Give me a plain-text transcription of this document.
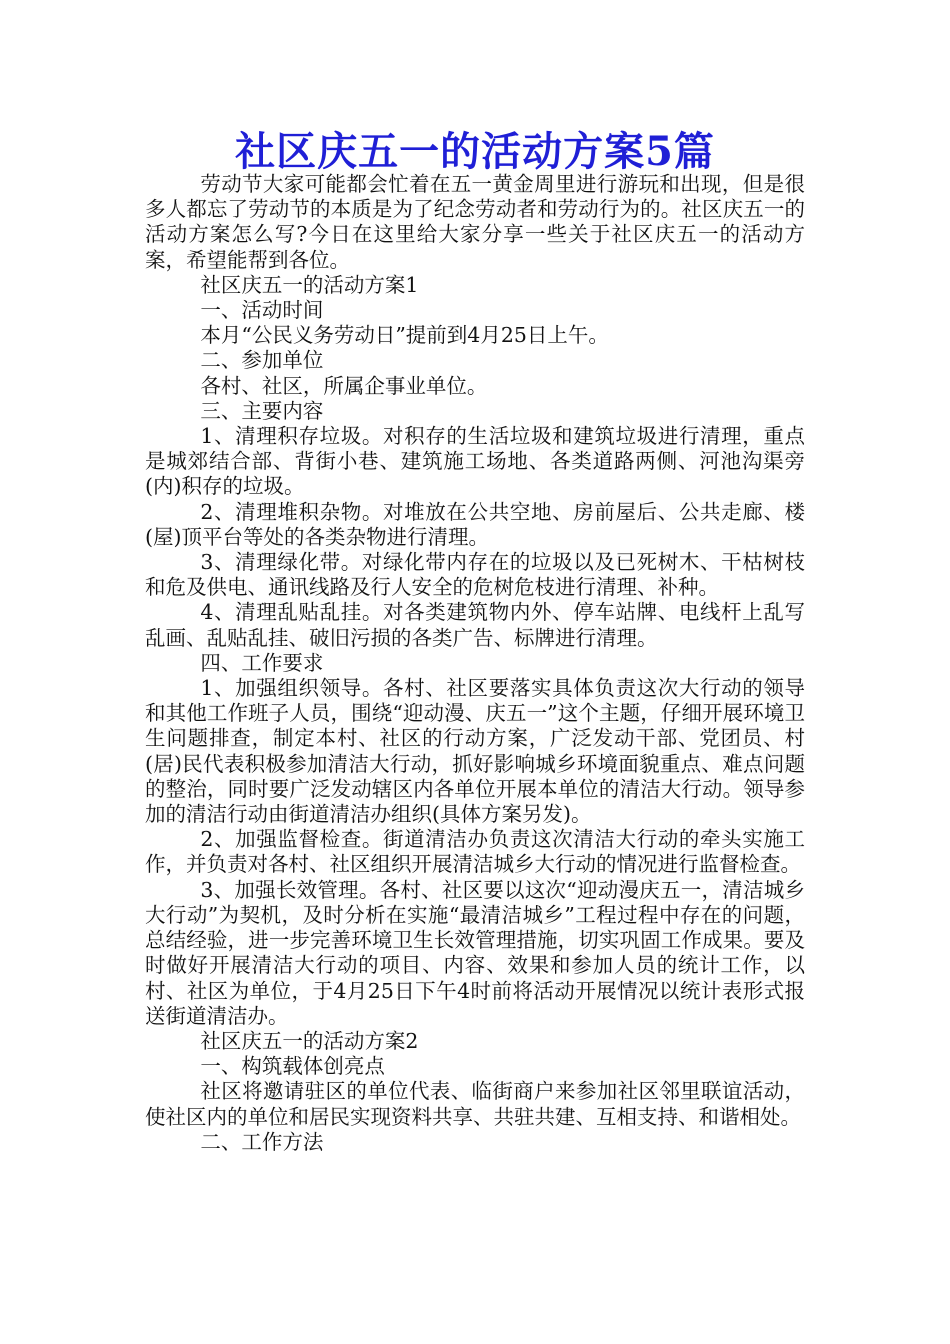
社区庆五一的活动方案5篇

劳动节大家可能都会忙着在五一黄金周里进行游玩和出现，但是很多人都忘了劳动节的本质是为了纪念劳动者和劳动行为的。社区庆五一的活动方案怎么写?今日在这里给大家分享一些关于社区庆五一的活动方案，希望能帮到各位。

社区庆五一的活动方案1

一、活动时间

本月“公民义务劳动日”提前到4月25日上午。

二、参加单位

各村、社区，所属企事业单位。

三、主要内容

1、清理积存垃圾。对积存的生活垃圾和建筑垃圾进行清理，重点是城郊结合部、背街小巷、建筑施工场地、各类道路两侧、河池沟渠旁(内)积存的垃圾。

2、清理堆积杂物。对堆放在公共空地、房前屋后、公共走廊、楼(屋)顶平台等处的各类杂物进行清理。

3、清理绿化带。对绿化带内存在的垃圾以及已死树木、干枯树枝和危及供电、通讯线路及行人安全的危树危枝进行清理、补种。

4、清理乱贴乱挂。对各类建筑物内外、停车站牌、电线杆上乱写乱画、乱贴乱挂、破旧污损的各类广告、标牌进行清理。

四、工作要求

1、加强组织领导。各村、社区要落实具体负责这次大行动的领导和其他工作班子人员，围绕“迎动漫、庆五一”这个主题，仔细开展环境卫生问题排查，制定本村、社区的行动方案，广泛发动干部、党团员、村(居)民代表积极参加清洁大行动，抓好影响城乡环境面貌重点、难点问题的整治，同时要广泛发动辖区内各单位开展本单位的清洁大行动。领导参加的清洁行动由街道清洁办组织(具体方案另发)。

2、加强监督检查。街道清洁办负责这次清洁大行动的牵头实施工作，并负责对各村、社区组织开展清洁城乡大行动的情况进行监督检查。

3、加强长效管理。各村、社区要以这次“迎动漫庆五一，清洁城乡大行动”为契机，及时分析在实施“最清洁城乡”工程过程中存在的问题，总结经验，进一步完善环境卫生长效管理措施，切实巩固工作成果。要及时做好开展清洁大行动的项目、内容、效果和参加人员的统计工作，以村、社区为单位，于4月25日下午4时前将活动开展情况以统计表形式报送街道清洁办。

社区庆五一的活动方案2

一、构筑载体创亮点

社区将邀请驻区的单位代表、临街商户来参加社区邻里联谊活动，使社区内的单位和居民实现资料共享、共驻共建、互相支持、和谐相处。

二、工作方法
